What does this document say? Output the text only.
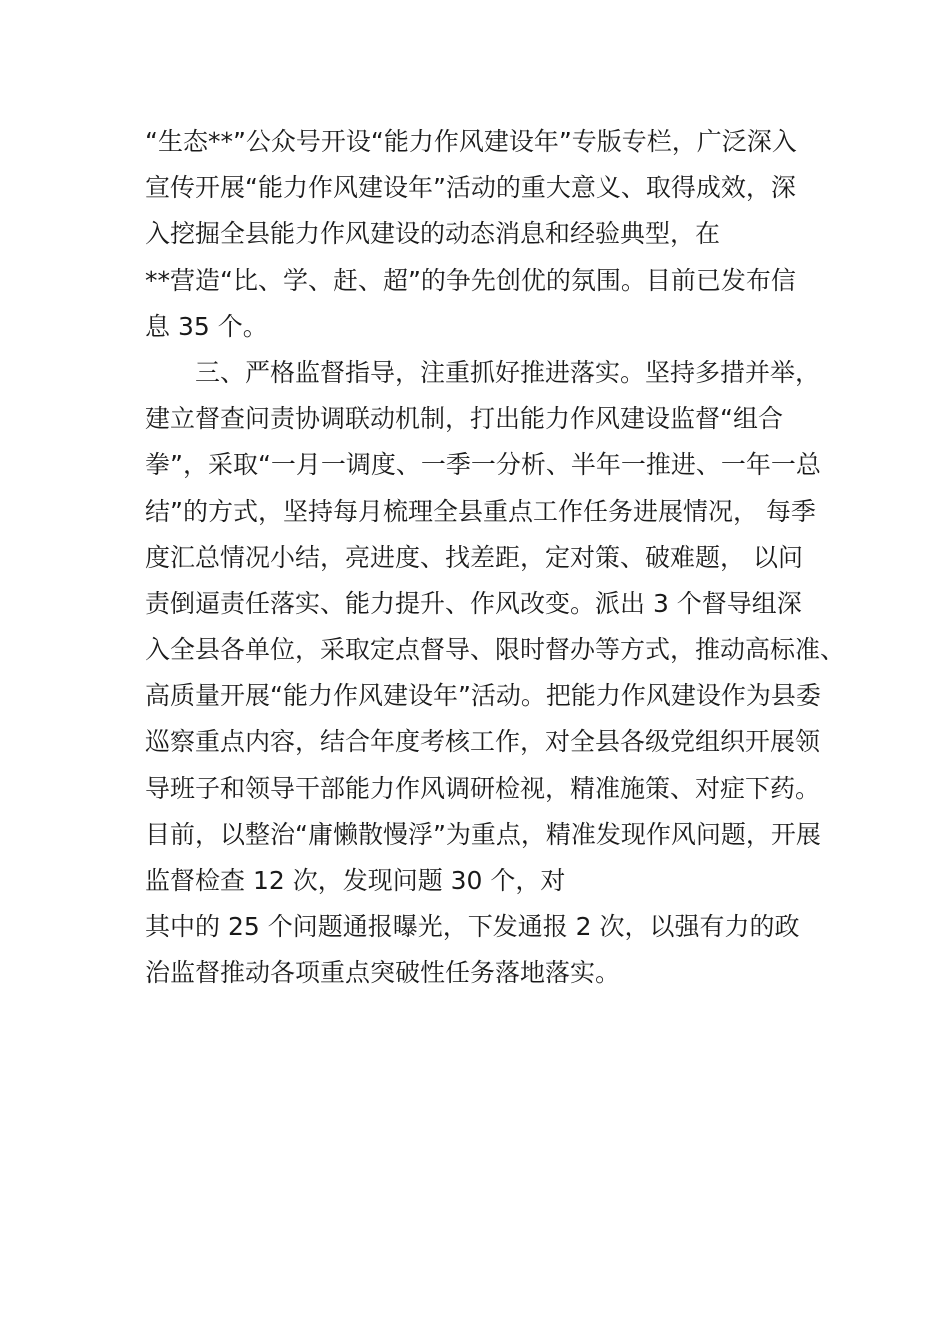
“生态**”公众号开设“能力作风建设年”专版专栏，广泛深入
宣传开展“能力作风建设年”活动的重大意义、取得成效，深
入挖掘全县能力作风建设的动态消息和经验典型，在
**营造“比、学、赶、超”的争先创优的氛围。目前已发布信
息 35 个。
三、严格监督指导，注重抓好推进落实。坚持多措并举，
建立督查问责协调联动机制，打出能力作风建设监督“组合
拳”，采取“一月一调度、一季一分析、半年一推进、一年一总
结”的方式，坚持每月梳理全县重点工作任务进展情况， 每季
度汇总情况小结，亮进度、找差距，定对策、破难题， 以问
责倒逼责任落实、能力提升、作风改变。派出 3 个督导组深
入全县各单位，采取定点督导、限时督办等方式，推动高标准、
高质量开展“能力作风建设年”活动。把能力作风建设作为县委
巡察重点内容，结合年度考核工作，对全县各级党组织开展领
导班子和领导干部能力作风调研检视，精准施策、对症下药。
目前，以整治“庸懒散慢浮”为重点，精准发现作风问题，开展
监督检查 12 次，发现问题 30 个，对
其中的 25 个问题通报曝光，下发通报 2 次，以强有力的政
治监督推动各项重点突破性任务落地落实。
